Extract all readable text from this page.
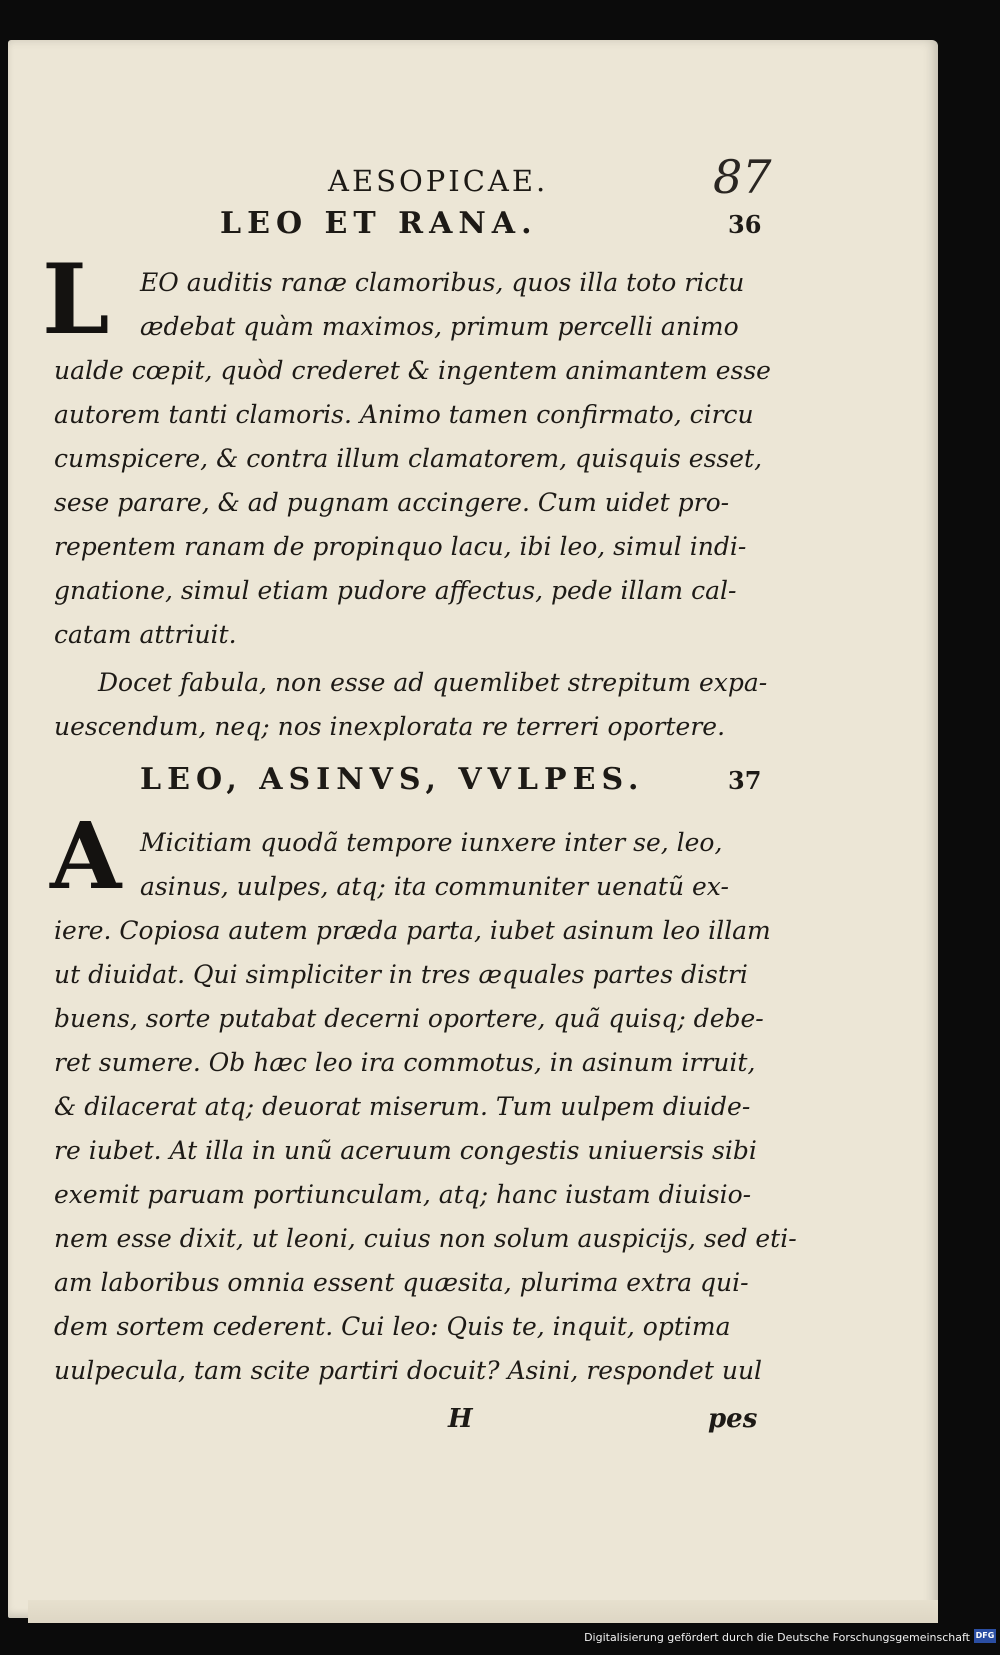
AESOPICAE.	87
LEO ET RANA.	36
L EO auditis ranæ clamoribus, quos illa toto rictu
ædebat quàm maximos, primum percelli animo
ualde cœpit, quòd crederet & ingentem animantem esse
autorem tanti clamoris. Animo tamen confirmato, circu
cumspicere, & contra illum clamatorem, quisquis esset,
sese parare, & ad pugnam accingere. Cum uidet pro-
repentem ranam de propinquo lacu, ibi leo, simul indi-
gnatione, simul etiam pudore affectus, pede illam cal-
catam attriuit.
Docet fabula, non esse ad quemlibet strepitum expa-
uescendum, neq; nos inexplorata re terreri oportere.
LEO, ASINVS, VVLPES.	37
A Micitiam quodã tempore iunxere inter se, leo,
asinus, uulpes, atq; ita communiter uenatũ ex-
iere. Copiosa autem præda parta, iubet asinum leo illam
ut diuidat. Qui simpliciter in tres æquales partes distri
buens, sorte putabat decerni oportere, quã quisq; debe-
ret sumere. Ob hæc leo ira commotus, in asinum irruit,
& dilacerat atq; deuorat miserum. Tum uulpem diuide-
re iubet. At illa in unũ aceruum congestis uniuersis sibi
exemit paruam portiunculam, atq; hanc iustam diuisio-
nem esse dixit, ut leoni, cuius non solum auspicijs, sed eti-
am laboribus omnia essent quæsita, plurima extra qui-
dem sortem cederent. Cui leo: Quis te, inquit, optima
uulpecula, tam scite partiri docuit? Asini, respondet uul
H	pes
Digitalisierung gefördert durch die Deutsche Forschungsgemeinschaft DFG
